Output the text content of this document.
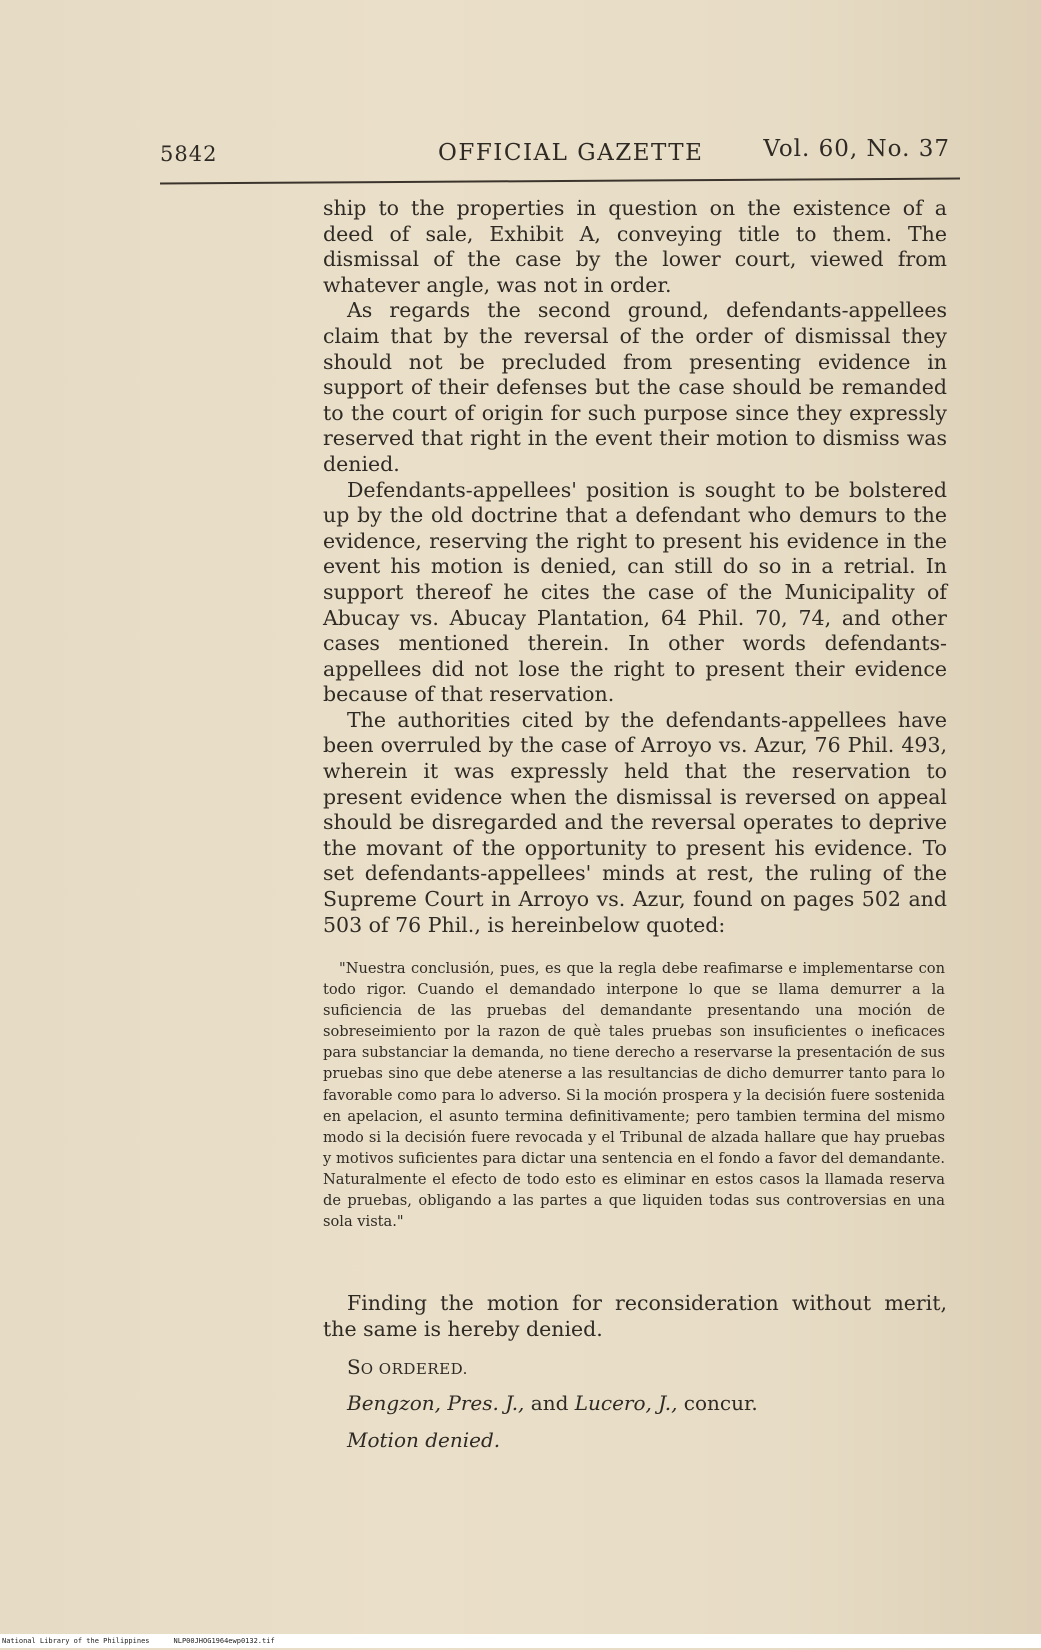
5842	OFFICIAL GAZETTE	Vol. 60, No. 37

ship to the properties in question on the existence of a deed of sale, Exhibit A, conveying title to them. The dismissal of the case by the lower court, viewed from whatever angle, was not in order.

As regards the second ground, defendants-appellees claim that by the reversal of the order of dismissal they should not be precluded from presenting evidence in support of their defenses but the case should be remanded to the court of origin for such purpose since they expressly reserved that right in the event their motion to dismiss was denied.

Defendants-appellees' position is sought to be bolstered up by the old doctrine that a defendant who demurs to the evidence, reserving the right to present his evidence in the event his motion is denied, can still do so in a retrial. In support thereof he cites the case of the Municipality of Abucay vs. Abucay Plantation, 64 Phil. 70, 74, and other cases mentioned therein. In other words defendants-appellees did not lose the right to present their evidence because of that reservation.

The authorities cited by the defendants-appellees have been overruled by the case of Arroyo vs. Azur, 76 Phil. 493, wherein it was expressly held that the reservation to present evidence when the dismissal is reversed on appeal should be disregarded and the reversal operates to deprive the movant of the opportunity to present his evidence. To set defendants-appellees' minds at rest, the ruling of the Supreme Court in Arroyo vs. Azur, found on pages 502 and 503 of 76 Phil., is hereinbelow quoted:

"Nuestra conclusión, pues, es que la regla debe reafimarse e implementarse con todo rigor. Cuando el demandado interpone lo que se llama demurrer a la suficiencia de las pruebas del demandante presentando una moción de sobreseimiento por la razon de què tales pruebas son insuficientes o ineficaces para substanciar la demanda, no tiene derecho a reservarse la presentación de sus pruebas sino que debe atenerse a las resultancias de dicho demurrer tanto para lo favorable como para lo adverso. Si la moción prospera y la decisión fuere sostenida en apelacion, el asunto termina definitivamente; pero tambien termina del mismo modo si la decisión fuere revocada y el Tribunal de alzada hallare que hay pruebas y motivos suficientes para dictar una sentencia en el fondo a favor del demandante. Naturalmente el efecto de todo esto es eliminar en estos casos la llamada reserva de pruebas, obligando a las partes a que liquiden todas sus controversias en una sola vista."

Finding the motion for reconsideration without merit, the same is hereby denied.

SO ORDERED.
Bengzon, Pres. J., and Lucero, J., concur.
Motion denied.
National Library of the Philippines	NLP00JHOG1964ewp0132.tif
